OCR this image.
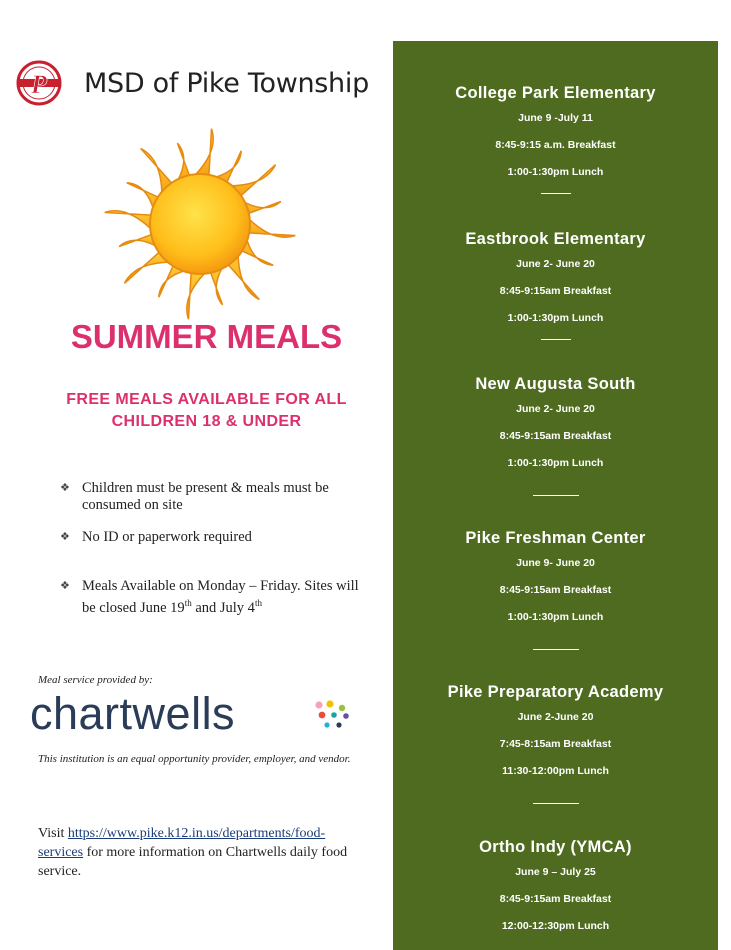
P MSD of Pike Township
SUMMER MEALS
FREE MEALS AVAILABLE FOR ALL
CHILDREN 18 & UNDER
❖ Children must be present & meals must be consumed on site
❖ No ID or paperwork required
❖ Meals Available on Monday – Friday. Sites will be closed June 19th and July 4th
Meal service provided by:
chartwells
This institution is an equal opportunity provider, employer, and vendor.
Visit https://www.pike.k12.in.us/departments/food-services for more information on Chartwells daily food service.
College Park Elementary
June 9 -July 11
8:45-9:15 a.m. Breakfast
1:00-1:30pm Lunch
Eastbrook Elementary
June 2- June 20
8:45-9:15am Breakfast
1:00-1:30pm Lunch
New Augusta South
June 2- June 20
8:45-9:15am Breakfast
1:00-1:30pm Lunch
Pike Freshman Center
June 9- June 20
8:45-9:15am Breakfast
1:00-1:30pm Lunch
Pike Preparatory Academy
June 2-June 20
7:45-8:15am Breakfast
11:30-12:00pm Lunch
Ortho Indy (YMCA)
June 9 – July 25
8:45-9:15am Breakfast
12:00-12:30pm Lunch
